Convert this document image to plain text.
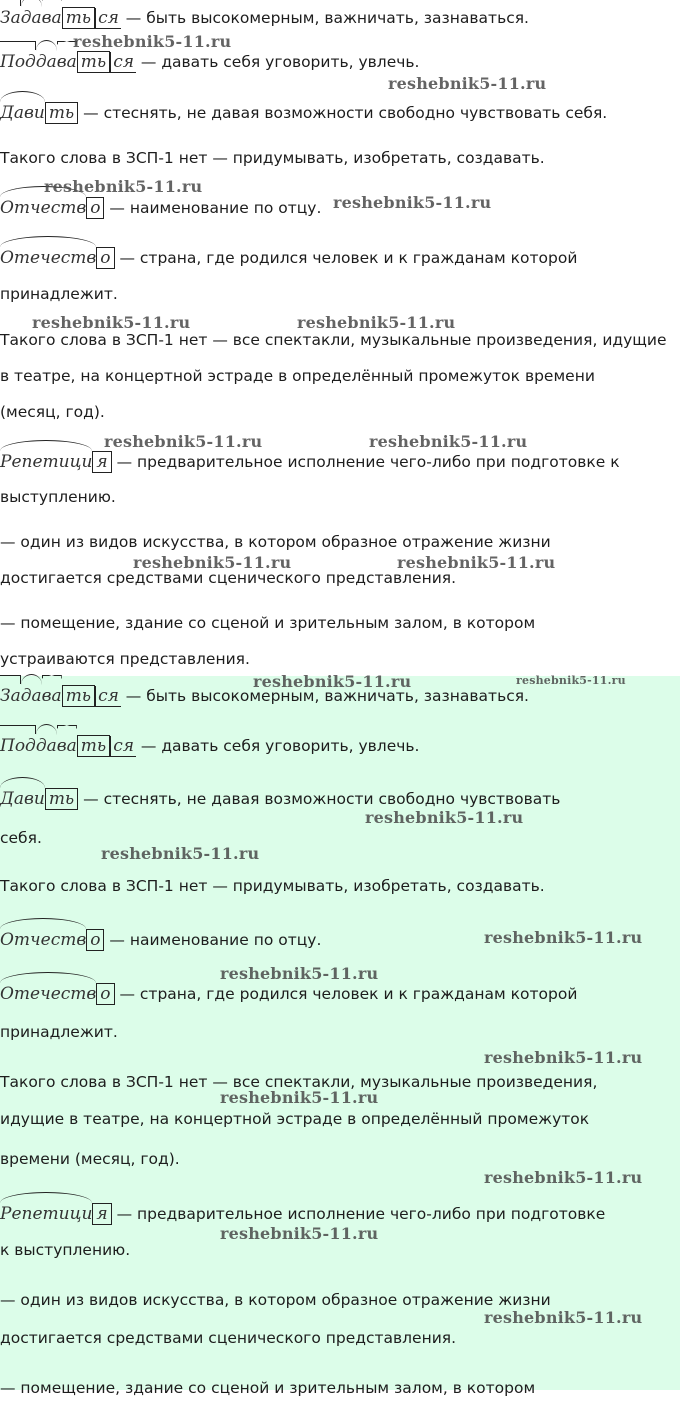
Задава ть ся — быть высокомерным, важничать, зазнаваться.
Поддава ть ся — давать себя уговорить, увлечь.
Дави ть — стеснять, не давая возможности свободно чувствовать себя.
Такого слова в ЗСП-1 нет — придумывать, изобретать, создавать.
Отчеств о — наименование по отцу.
Отечеств о — страна, где родился человек и к гражданам которой
принадлежит.
Такого слова в ЗСП-1 нет — все спектакли, музыкальные произведения, идущие
в театре, на концертной эстраде в определённый промежуток времени
(месяц, год).
Репетици я — предварительное исполнение чего-либо при подготовке к
выступлению.
— один из видов искусства, в котором образное отражение жизни
достигается средствами сценического представления.
— помещение, здание со сценой и зрительным залом, в котором
устраиваются представления.
reshebnik5-11.ru
reshebnik5-11.ru
reshebnik5-11.ru
reshebnik5-11.ru
reshebnik5-11.ru	reshebnik5-11.ru
reshebnik5-11.ru	reshebnik5-11.ru
reshebnik5-11.ru	reshebnik5-11.ru
Задава ть ся — быть высокомерным, важничать, зазнаваться.
Поддава ть ся — давать себя уговорить, увлечь.
Дави ть — стеснять, не давая возможности свободно чувствовать
себя.
Такого слова в ЗСП-1 нет — придумывать, изобретать, создавать.
Отчеств о — наименование по отцу.
Отечеств о — страна, где родился человек и к гражданам которой
принадлежит.
Такого слова в ЗСП-1 нет — все спектакли, музыкальные произведения,
идущие в театре, на концертной эстраде в определённый промежуток
времени (месяц, год).
Репетици я — предварительное исполнение чего-либо при подготовке
к выступлению.
— один из видов искусства, в котором образное отражение жизни
достигается средствами сценического представления.
— помещение, здание со сценой и зрительным залом, в котором
reshebnik5-11.ru	reshebnik5-11.ru
reshebnik5-11.ru
reshebnik5-11.ru
reshebnik5-11.ru
reshebnik5-11.ru
reshebnik5-11.ru
reshebnik5-11.ru
reshebnik5-11.ru
reshebnik5-11.ru
reshebnik5-11.ru
